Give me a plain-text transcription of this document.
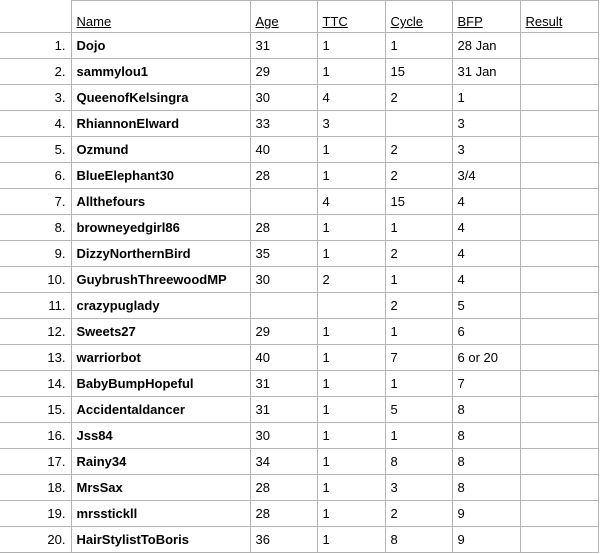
	Name	Age	TTC	Cycle	BFP	Result
1.	Dojo	31	1	1	28 Jan	
2.	sammylou1	29	1	15	31 Jan	
3.	QueenofKelsingra	30	4	2	1	
4.	RhiannonElward	33	3		3	
5.	Ozmund	40	1	2	3	
6.	BlueElephant30	28	1	2	3/4	
7.	Allthefours		4	15	4	
8.	browneyedgirl86	28	1	1	4	
9.	DizzyNorthernBird	35	1	2	4	
10.	GuybrushThreewoodMP	30	2	1	4	
11.	crazypuglady			2	5	
12.	Sweets27	29	1	1	6	
13.	warriorbot	40	1	7	6 or 20	
14.	BabyBumpHopeful	31	1	1	7	
15.	Accidentaldancer	31	1	5	8	
16.	Jss84	30	1	1	8	
17.	Rainy34	34	1	8	8	
18.	MrsSax	28	1	3	8	
19.	mrsstickll	28	1	2	9	
20.	HairStylistToBoris	36	1	8	9	
